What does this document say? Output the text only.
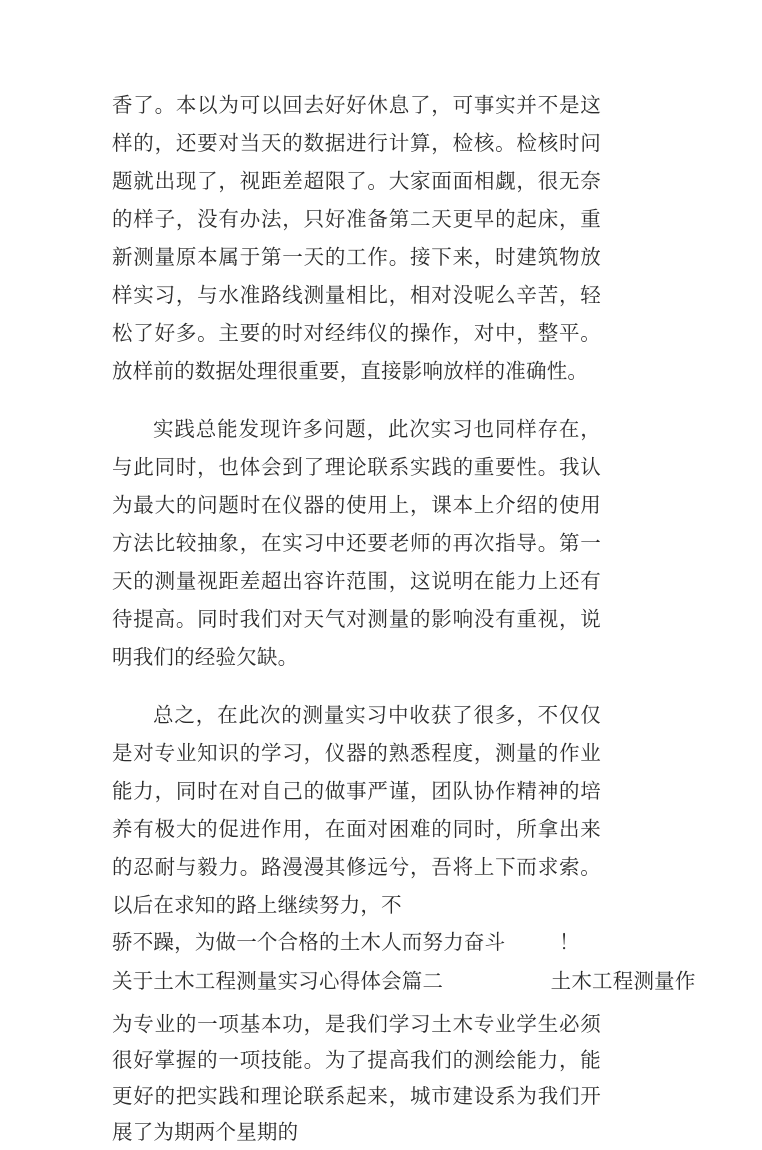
香了。本以为可以回去好好休息了，可事实并不是这样的，还要对当天的数据进行计算，检核。检核时问题就出现了，视距差超限了。大家面面相觑，很无奈的样子，没有办法，只好准备第二天更早的起床，重新测量原本属于第一天的工作。接下来，时建筑物放样实习，与水准路线测量相比，相对没呢么辛苦，轻松了好多。主要的时对经纬仪的操作，对中，整平。放样前的数据处理很重要，直接影响放样的准确性。

实践总能发现许多问题，此次实习也同样存在，与此同时，也体会到了理论联系实践的重要性。我认为最大的问题时在仪器的使用上，课本上介绍的使用方法比较抽象，在实习中还要老师的再次指导。第一天的测量视距差超出容许范围，这说明在能力上还有待提高。同时我们对天气对测量的影响没有重视，说明我们的经验欠缺。

总之，在此次的测量实习中收获了很多，不仅仅是对专业知识的学习，仪器的熟悉程度，测量的作业能力，同时在对自己的做事严谨，团队协作精神的培养有极大的促进作用，在面对困难的同时，所拿出来的忍耐与毅力。路漫漫其修远兮，吾将上下而求索。以后在求知的路上继续努力，不

骄不躁，为做一个合格的土木人而努力奋斗        ！

关于土木工程测量实习心得体会篇二                土木工程测量作

为专业的一项基本功，是我们学习土木专业学生必须很好掌握的一项技能。为了提高我们的测绘能力，能更好的把实践和理论联系起来，城市建设系为我们开展了为期两个星期的
